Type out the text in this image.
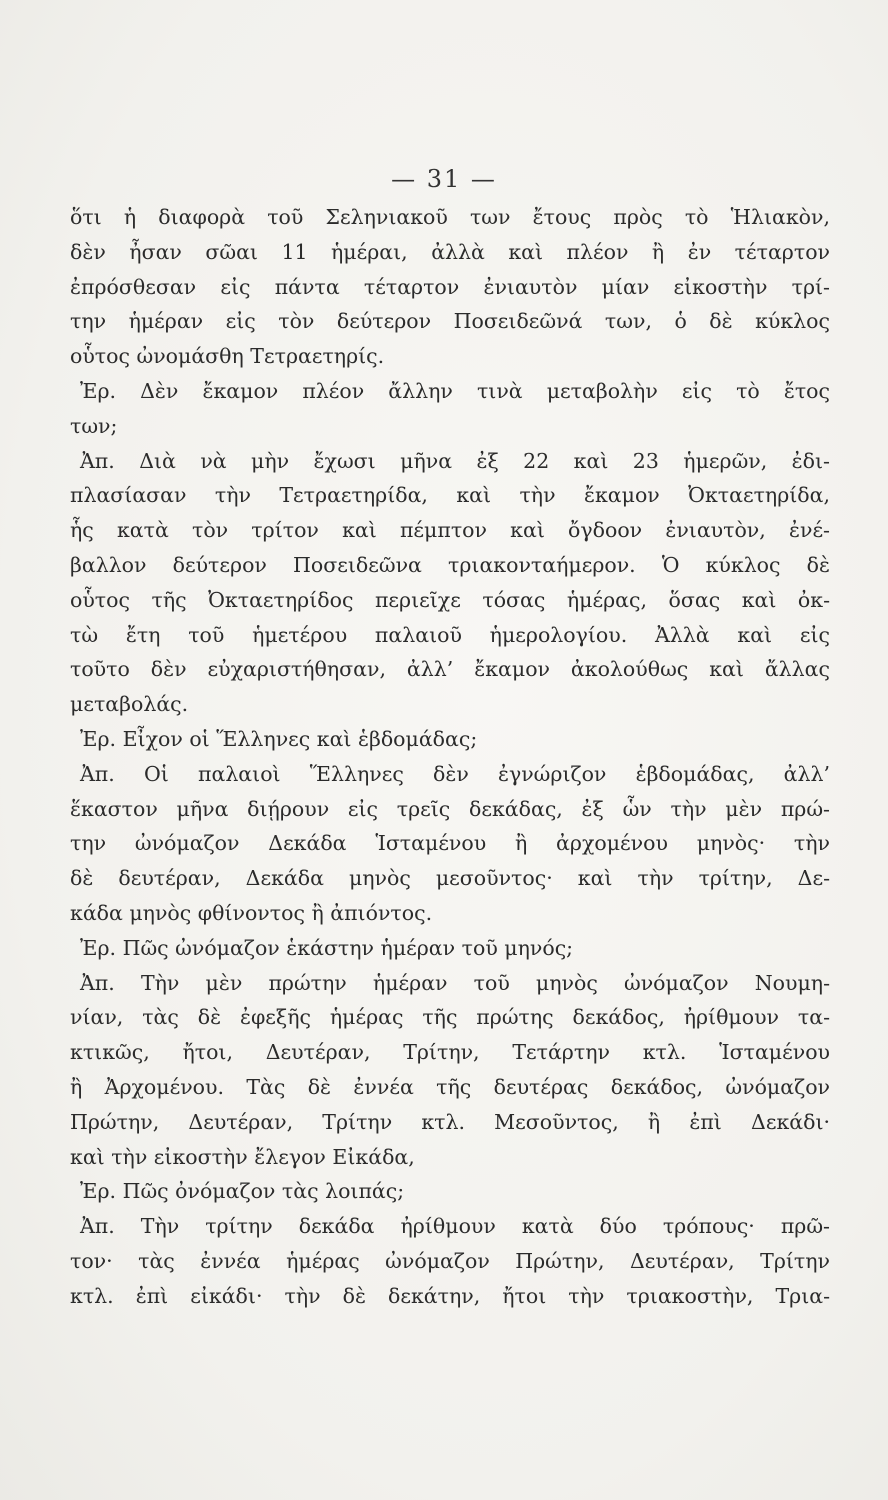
— 31 —
ὅτι ἡ διαφορὰ τοῦ Σεληνιακοῦ των ἔτους πρὸς τὸ Ἡλιακὸν,
δὲν ἦσαν σῶαι 11 ἡμέραι, ἀλλὰ καὶ πλέον ἢ ἐν τέταρτον
ἐπρόσθεσαν εἰς πάντα τέταρτον ἐνιαυτὸν μίαν εἰκοστὴν τρί-
την ἡμέραν εἰς τὸν δεύτερον Ποσειδεῶνά των, ὁ δὲ κύκλος
οὗτος ὠνομάσθη Τετραετηρίς.
Ἐρ. Δὲν ἔκαμον πλέον ἄλλην τινὰ μεταβολὴν εἰς τὸ ἔτος
των;
Ἀπ. Διὰ νὰ μὴν ἔχωσι μῆνα ἐξ 22 καὶ 23 ἡμερῶν, ἐδι-
πλασίασαν τὴν Τετραετηρίδα, καὶ τὴν ἔκαμον Ὀκταετηρίδα,
ἧς κατὰ τὸν τρίτον καὶ πέμπτον καὶ ὄγδοον ἐνιαυτὸν, ἐνέ-
βαλλον δεύτερον Ποσειδεῶνα τριακονταήμερον. Ὁ κύκλος δὲ
οὗτος τῆς Ὀκταετηρίδος περιεῖχε τόσας ἡμέρας, ὅσας καὶ ὀκ-
τὼ ἔτη τοῦ ἡμετέρου παλαιοῦ ἡμερολογίου. Ἀλλὰ καὶ εἰς
τοῦτο δὲν εὐχαριστήθησαν, ἀλλ’ ἔκαμον ἀκολούθως καὶ ἄλλας
μεταβολάς.
Ἐρ. Εἶχον οἱ Ἕλληνες καὶ ἑβδομάδας;
Ἀπ. Οἱ παλαιοὶ Ἕλληνες δὲν ἐγνώριζον ἑβδομάδας, ἀλλ’
ἕκαστον μῆνα διῄρουν εἰς τρεῖς δεκάδας, ἐξ ὧν τὴν μὲν πρώ-
την ὠνόμαζον Δεκάδα Ἱσταμένου ἢ ἀρχομένου μηνὸς· τὴν
δὲ δευτέραν, Δεκάδα μηνὸς μεσοῦντος· καὶ τὴν τρίτην, Δε-
κάδα μηνὸς φθίνοντος ἢ ἀπιόντος.
Ἐρ. Πῶς ὠνόμαζον ἑκάστην ἡμέραν τοῦ μηνός;
Ἀπ. Τὴν μὲν πρώτην ἡμέραν τοῦ μηνὸς ὠνόμαζον Νουμη-
νίαν, τὰς δὲ ἐφεξῆς ἡμέρας τῆς πρώτης δεκάδος, ἠρίθμουν τα-
κτικῶς, ἤτοι, Δευτέραν, Τρίτην, Τετάρτην κτλ. Ἱσταμένου
ἢ Ἀρχομένου. Τὰς δὲ ἐννέα τῆς δευτέρας δεκάδος, ὠνόμαζον
Πρώτην, Δευτέραν, Τρίτην κτλ. Μεσοῦντος, ἢ ἐπὶ Δεκάδι·
καὶ τὴν εἰκοστὴν ἔλεγον Εἰκάδα,
Ἐρ. Πῶς ὀνόμαζον τὰς λοιπάς;
Ἀπ. Τὴν τρίτην δεκάδα ἠρίθμουν κατὰ δύο τρόπους· πρῶ-
τον· τὰς ἐννέα ἡμέρας ὠνόμαζον Πρώτην, Δευτέραν, Τρίτην
κτλ. ἐπὶ εἰκάδι· τὴν δὲ δεκάτην, ἤτοι τὴν τριακοστὴν, Τρια-
